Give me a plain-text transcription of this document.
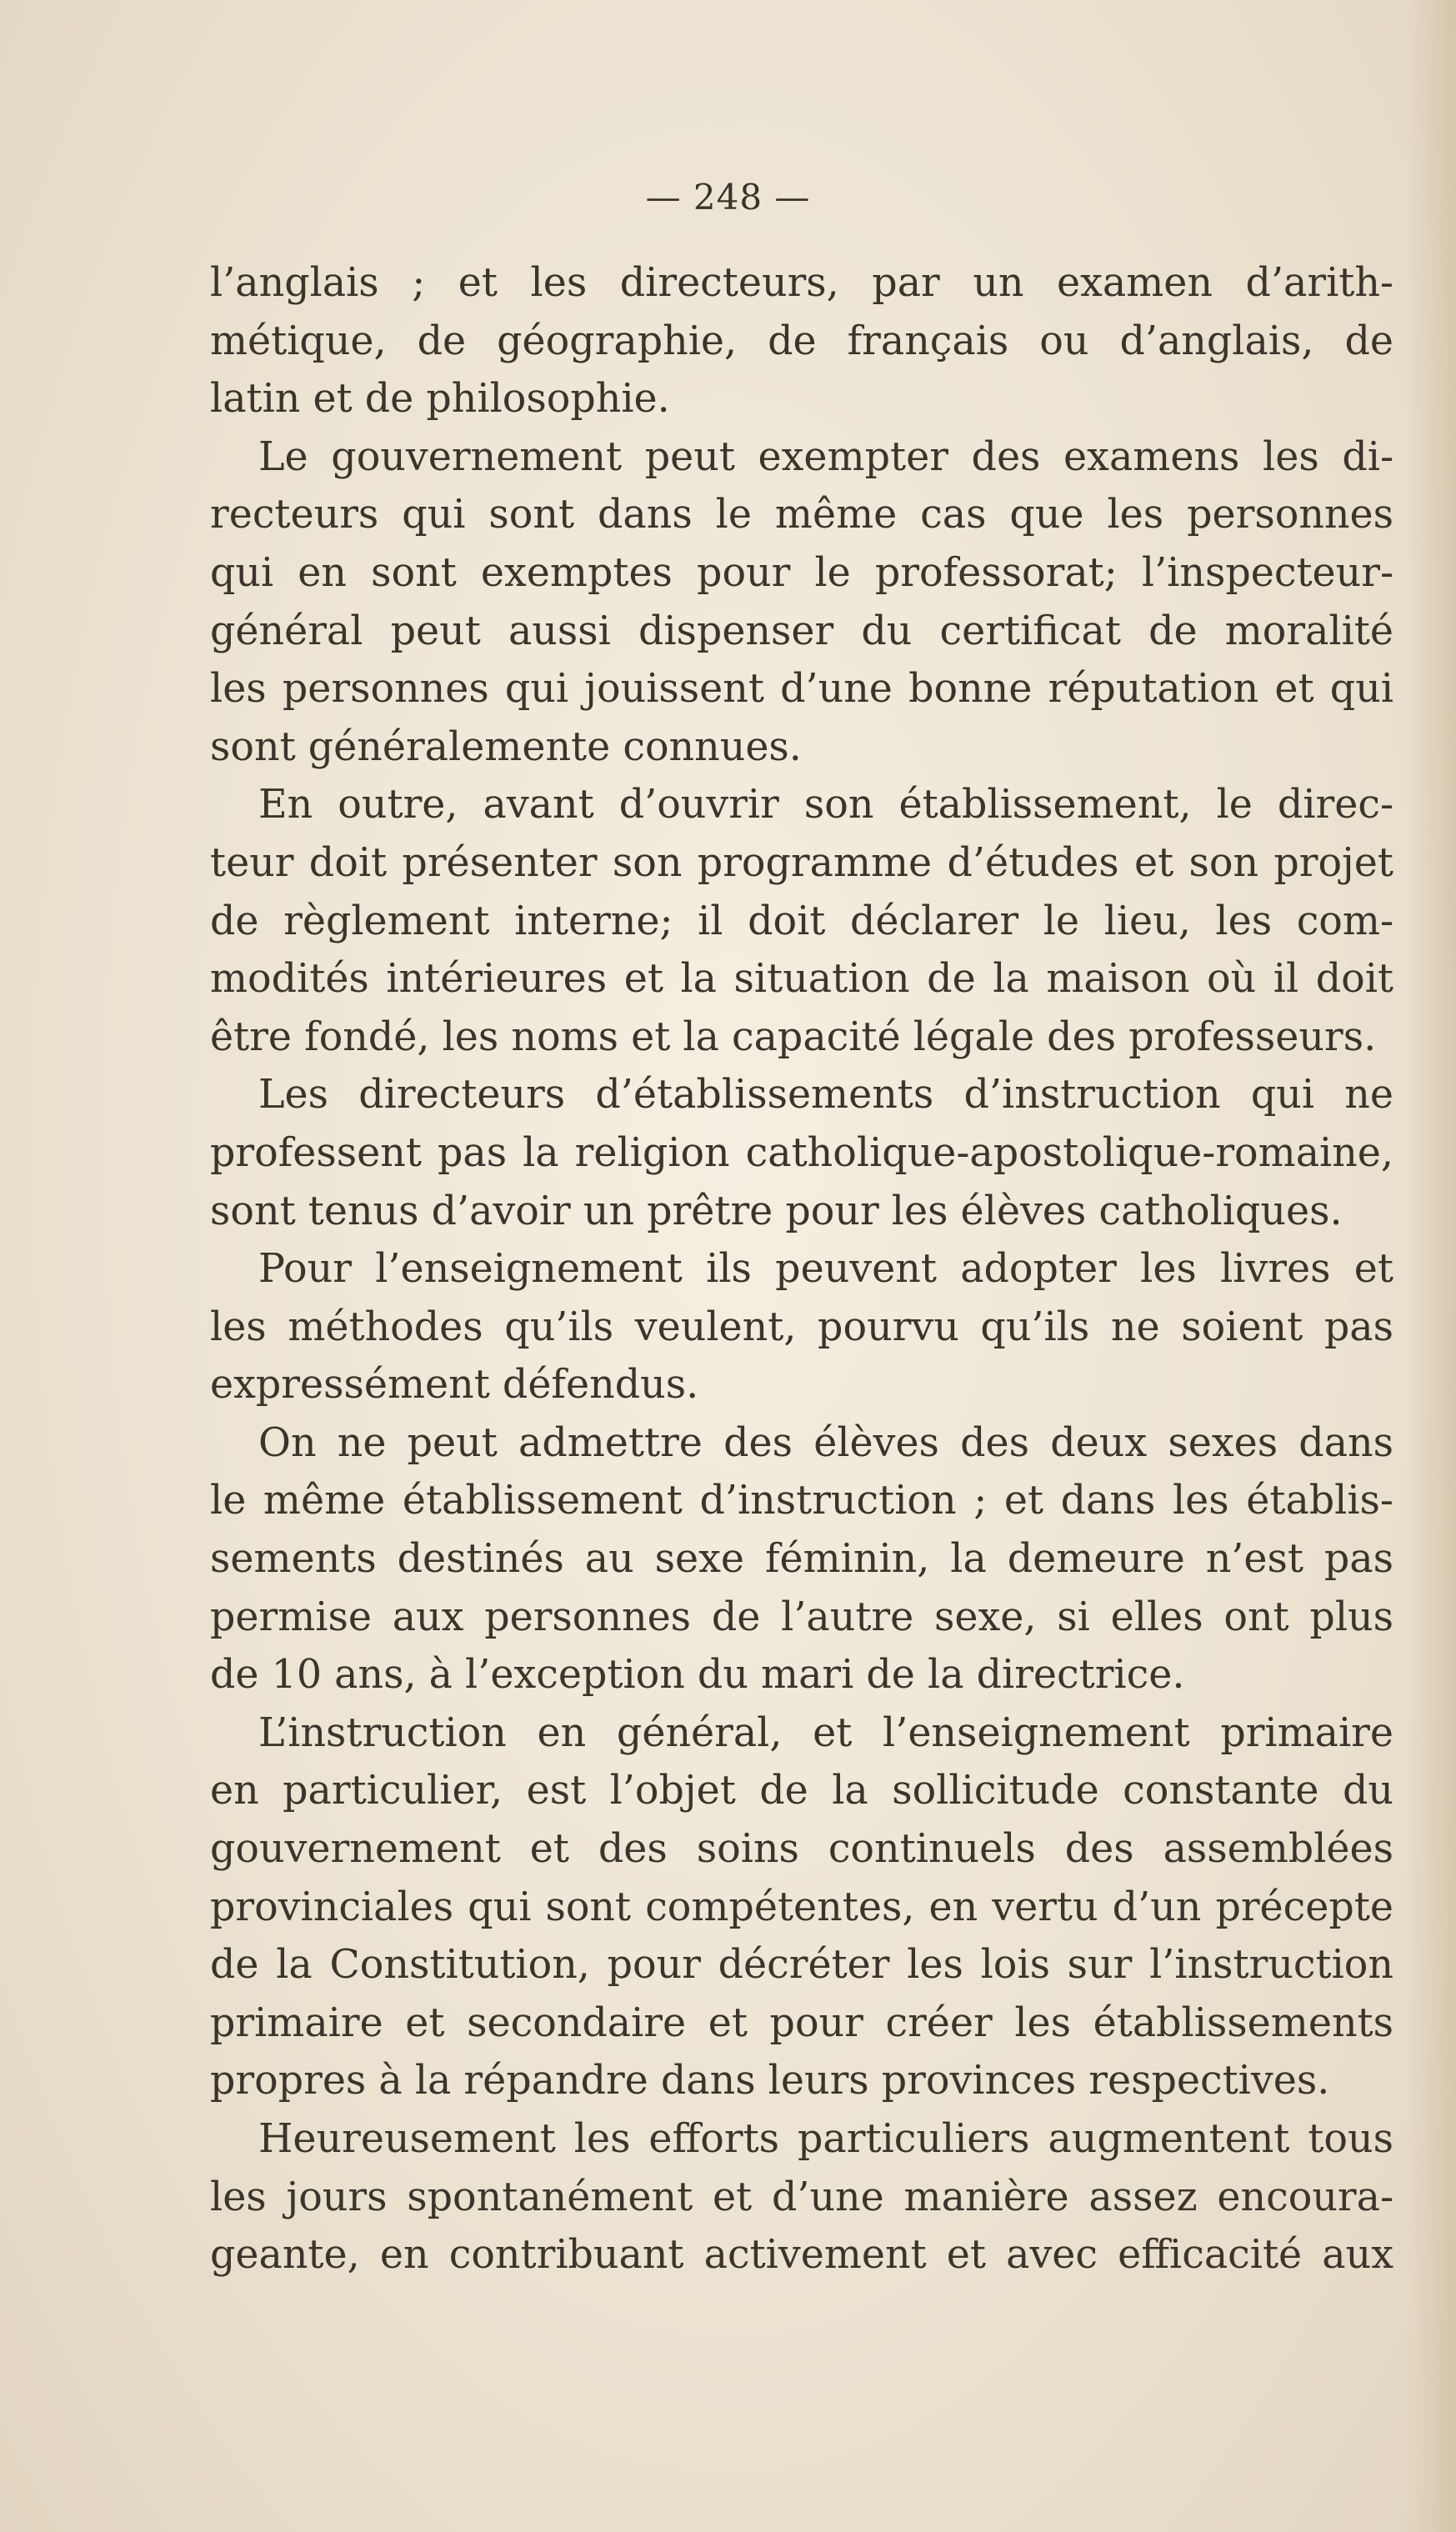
— 248 —
l’anglais ; et les directeurs, par un examen d’arith-
métique, de géographie, de français ou d’anglais, de
latin et de philosophie.
Le gouvernement peut exempter des examens les di-
recteurs qui sont dans le même cas que les personnes
qui en sont exemptes pour le professorat; l’inspecteur-
général peut aussi dispenser du certificat de moralité
les personnes qui jouissent d’une bonne réputation et qui
sont généralemente connues.
En outre, avant d’ouvrir son établissement, le direc-
teur doit présenter son programme d’études et son projet
de règlement interne; il doit déclarer le lieu, les com-
modités intérieures et la situation de la maison où il doit
être fondé, les noms et la capacité légale des professeurs.
Les directeurs d’établissements d’instruction qui ne
professent pas la religion catholique-apostolique-romaine,
sont tenus d’avoir un prêtre pour les élèves catholiques.
Pour l’enseignement ils peuvent adopter les livres et
les méthodes qu’ils veulent, pourvu qu’ils ne soient pas
expressément défendus.
On ne peut admettre des élèves des deux sexes dans
le même établissement d’instruction ; et dans les établis-
sements destinés au sexe féminin, la demeure n’est pas
permise aux personnes de l’autre sexe, si elles ont plus
de 10 ans, à l’exception du mari de la directrice.
L’instruction en général, et l’enseignement primaire
en particulier, est l’objet de la sollicitude constante du
gouvernement et des soins continuels des assemblées
provinciales qui sont compétentes, en vertu d’un précepte
de la Constitution, pour décréter les lois sur l’instruction
primaire et secondaire et pour créer les établissements
propres à la répandre dans leurs provinces respectives.
Heureusement les efforts particuliers augmentent tous
les jours spontanément et d’une manière assez encoura-
geante, en contribuant activement et avec efficacité aux
